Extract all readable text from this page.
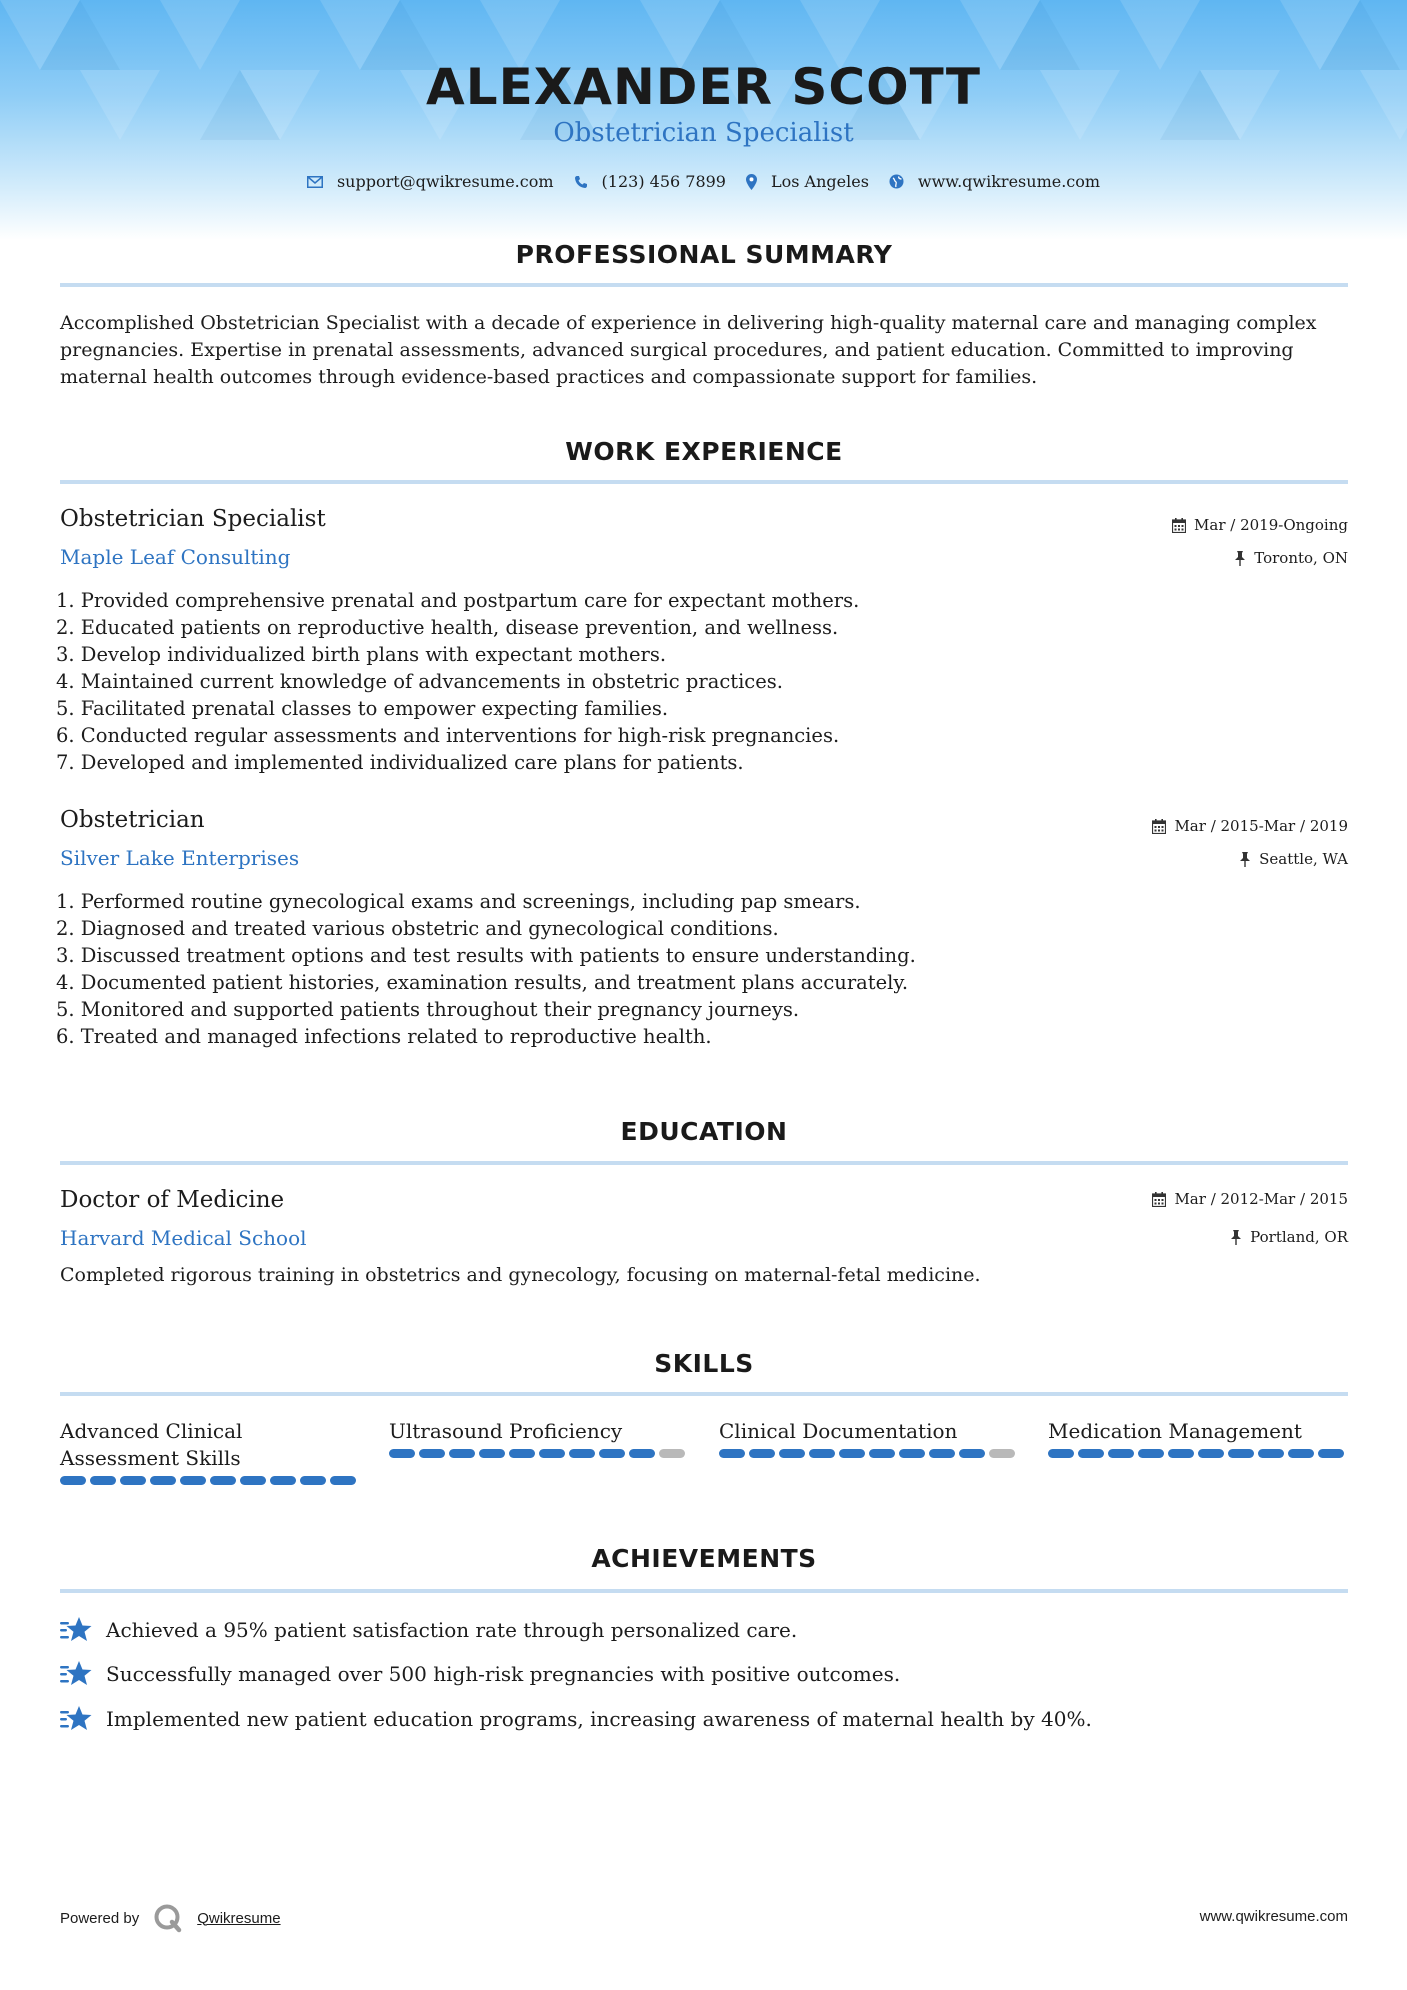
ALEXANDER SCOTT
Obstetrician Specialist
support@qwikresume.com	(123) 456 7899	Los Angeles	www.qwikresume.com
PROFESSIONAL SUMMARY

Accomplished Obstetrician Specialist with a decade of experience in delivering high-quality maternal care and managing complex pregnancies. Expertise in prenatal assessments, advanced surgical procedures, and patient education. Committed to improving maternal health outcomes through evidence-based practices and compassionate support for families.

WORK EXPERIENCE
Obstetrician Specialist
Maple Leaf Consulting
Mar / 2019-Ongoing
Toronto, ON
1. Provided comprehensive prenatal and postpartum care for expectant mothers.
2. Educated patients on reproductive health, disease prevention, and wellness.
3. Develop individualized birth plans with expectant mothers.
4. Maintained current knowledge of advancements in obstetric practices.
5. Facilitated prenatal classes to empower expecting families.
6. Conducted regular assessments and interventions for high-risk pregnancies.
7. Developed and implemented individualized care plans for patients.
Obstetrician
Silver Lake Enterprises
Mar / 2015-Mar / 2019
Seattle, WA
1. Performed routine gynecological exams and screenings, including pap smears.
2. Diagnosed and treated various obstetric and gynecological conditions.
3. Discussed treatment options and test results with patients to ensure understanding.
4. Documented patient histories, examination results, and treatment plans accurately.
5. Monitored and supported patients throughout their pregnancy journeys.
6. Treated and managed infections related to reproductive health.
EDUCATION
Doctor of Medicine
Harvard Medical School
Mar / 2012-Mar / 2015
Portland, OR

Completed rigorous training in obstetrics and gynecology, focusing on maternal-fetal medicine.

SKILLS
Advanced Clinical Assessment Skills
Ultrasound Proficiency	Clinical Documentation	Medication Management
ACHIEVEMENTS
Achieved a 95% patient satisfaction rate through personalized care.
Successfully managed over 500 high-risk pregnancies with positive outcomes.
Implemented new patient education programs, increasing awareness of maternal health by 40%.
Powered by	Qwikresume	www.qwikresume.com
